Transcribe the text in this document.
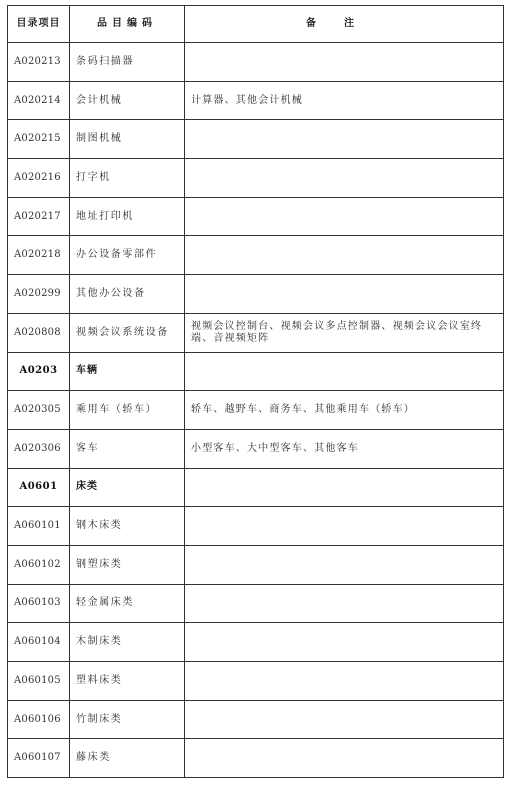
目录项目	品目编码	备注
A020213	条码扫描器	
A020214	会计机械	计算器、其他会计机械
A020215	制图机械	
A020216	打字机	
A020217	地址打印机	
A020218	办公设备零部件	
A020299	其他办公设备	
A020808	视频会议系统设备	视频会议控制台、视频会议多点控制器、视频会议会议室终端、音视频矩阵
A0203	车辆	
A020305	乘用车（轿车）	轿车、越野车、商务车、其他乘用车（轿车）
A020306	客车	小型客车、大中型客车、其他客车
A0601	床类	
A060101	钢木床类	
A060102	钢塑床类	
A060103	轻金属床类	
A060104	木制床类	
A060105	塑料床类	
A060106	竹制床类	
A060107	藤床类	
